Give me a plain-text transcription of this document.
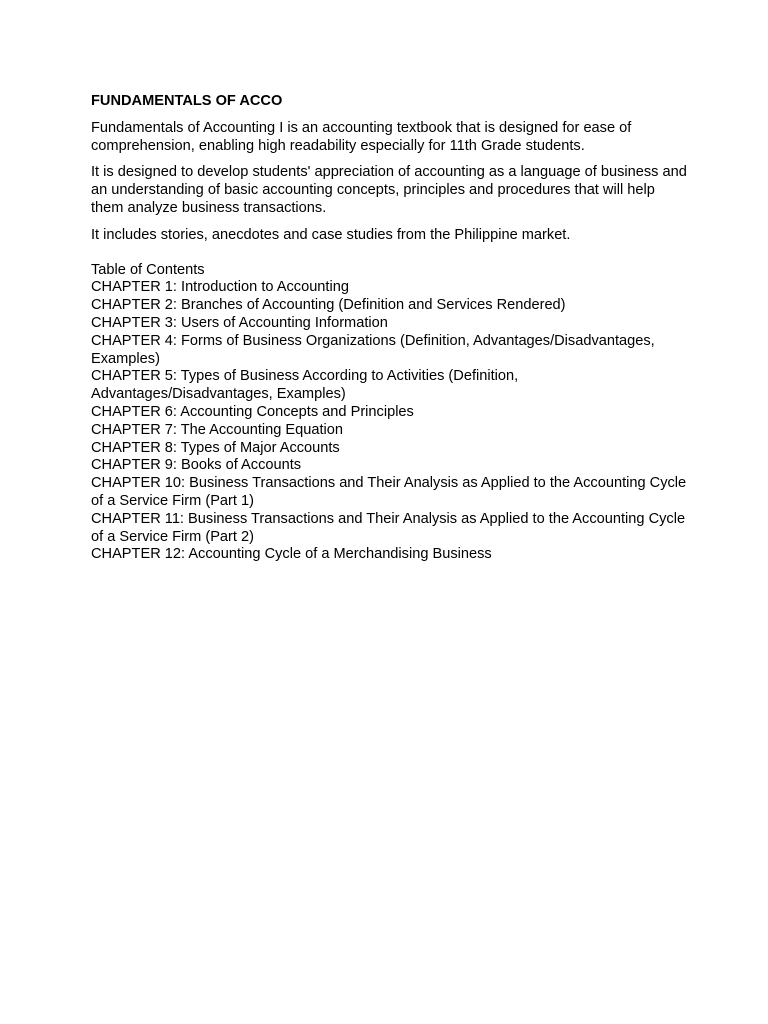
FUNDAMENTALS OF ACCO

Fundamentals of Accounting I is an accounting textbook that is designed for ease of comprehension, enabling high readability especially for 11th Grade students.

It is designed to develop students' appreciation of accounting as a language of business and an understanding of basic accounting concepts, principles and procedures that will help them analyze business transactions.

It includes stories, anecdotes and case studies from the Philippine market.

Table of Contents
CHAPTER 1: Introduction to Accounting
CHAPTER 2: Branches of Accounting (Definition and Services Rendered)
CHAPTER 3: Users of Accounting Information
CHAPTER 4: Forms of Business Organizations (Definition, Advantages/Disadvantages, Examples)
CHAPTER 5: Types of Business According to Activities (Definition, Advantages/Disadvantages, Examples)
CHAPTER 6: Accounting Concepts and Principles
CHAPTER 7: The Accounting Equation
CHAPTER 8: Types of Major Accounts
CHAPTER 9: Books of Accounts
CHAPTER 10: Business Transactions and Their Analysis as Applied to the Accounting Cycle of a Service Firm (Part 1)
CHAPTER 11: Business Transactions and Their Analysis as Applied to the Accounting Cycle of a Service Firm (Part 2)
CHAPTER 12: Accounting Cycle of a Merchandising Business
